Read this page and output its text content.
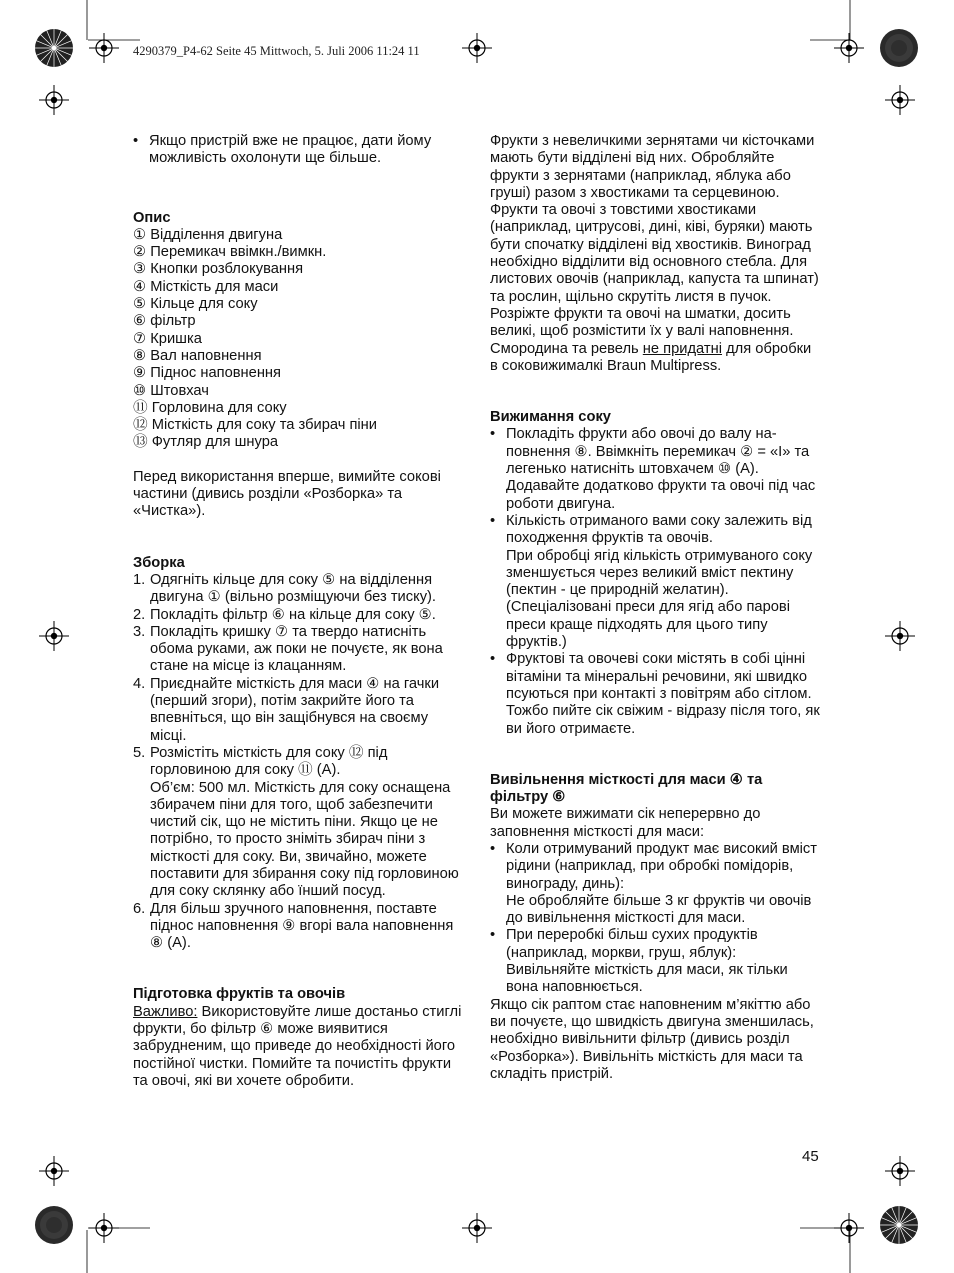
4290379_P4-62 Seite 45 Mittwoch, 5. Juli 2006 11:24 11
• Якщо пристрій вже не працює, дати йому можливість охолонути ще більше.
Опис
① Відділення двигуна
② Перемикач ввімкн./вимкн.
③ Кнопки розблокування
④ Місткість для маси
⑤ Кільце для соку
⑥ фільтр
⑦ Кришка
⑧ Вал наповнення
⑨ Піднос наповнення
⑩ Штовхач
⑪ Горловина для соку
⑫ Місткість для соку та збирач піни
⑬ Футляр для шнура

Перед використання вперше, вимийте сокові частини (дивись розділи «Розборка» та «Чистка»).

Зборка
1. Одягніть кільце для соку ⑤ на відділення двигуна ① (вільно розміщуючи без тиску).
2. Покладіть фільтр ⑥ на кільце для соку ⑤.
3. Покладіть кришку ⑦ та твердо натисніть обома руками, аж поки не почуєте, як вона стане на місце із клацанням.
4. Приєднайте місткість для маси ④ на гачки (перший згори), потім закрийте його та впевніться, що він защібнувся на своєму місці.
5. Розмістіть місткість для соку ⑫ під горловиною для соку ⑪ (A).
Об’єм: 500 мл. Місткість для соку оснащена збирачем піни для того, щоб забезпечити чистий сік, що не містить піни. Якщо це не потрібно, то просто зніміть збирач піни з місткості для соку. Ви, звичайно, можете поставити для збирання соку під горловиною для соку склянку або їнший посуд.
6. Для більш зручного наповнення, поставте піднос наповнення ⑨ вгорі вала наповнення ⑧ (A).
Підготовка фруктів та овочів

Важливо: Використовуйте лише достаньо стиглі фрукти, бо фільтр ⑥ може виявитися забрудненим, що приведе до необхідності його постійної чистки. Помийте та почистіть фрукти та овочі, які ви хочете обробити.

Фрукти з невеличкими зернятами чи кісточками мають бути відділені від них. Обробляйте фрукти з зернятами (наприклад, яблука або груші) разом з хвостиками та серцевиною. Фрукти та овочі з товстими хвостиками (наприклад, цитрусові, дині, ківі, буряки) мають бути спочатку відділені від хвостиків. Виноград необхідно відділити від основного стебла. Для листових овочів (наприклад, капуста та шпинат) та рослин, щільно скрутіть листя в пучок. Розріжте фрукти та овочі на шматки, досить великі, щоб розмістити їх у валі наповнення. Смородина та ревель не придатні для обробки в соковижималкі Braun Multipress.

Вижимання соку
• Покладіть фрукти або овочі до валу наповнення ⑧. Ввімкніть перемикач ② = «I» та легенько натисніть штовхачем ⑩ (A). Додавайте додатково фрукти та овочі під час роботи двигуна.
• Кількість отриманого вами соку залежить від походження фруктів та овочів.
При обробці ягід кількість отримуваного соку зменшується через великий вміст пектину (пектин - це природній желатин). (Спеціалізовані преси для ягід або парові преси краще підходять для цього типу фруктів.)
• Фруктові та овочеві соки містять в собі цінні вітаміни та мінеральні речовини, які швидко псуються при контакті з повітрям або сітлом. Тожбо пийте сік свіжим - відразу після того, як ви його отримаєте.
Вивільнення місткості для маси ④ та фільтру ⑥

Ви можете вижимати сік неперервно до заповнення місткості для маси:

• Коли отримуваний продукт має високий вміст рідини (наприклад, при обробкі помідорів, винограду, динь):
Не обробляйте більше 3 кг фруктів чи овочів до вивільнення місткості для маси.
• При переробкі більш сухих продуктів (наприклад, моркви, груш, яблук):
Вивільняйте місткість для маси, як тільки вона наповнюється.

Якщо сік раптом стає наповненим м’якіттю або ви почуєте, що швидкість двигуна зменшилась, необхідно вивільнити фільтр (дивись розділ «Розборка»). Вивільніть місткість для маси та складіть пристрій.

45
